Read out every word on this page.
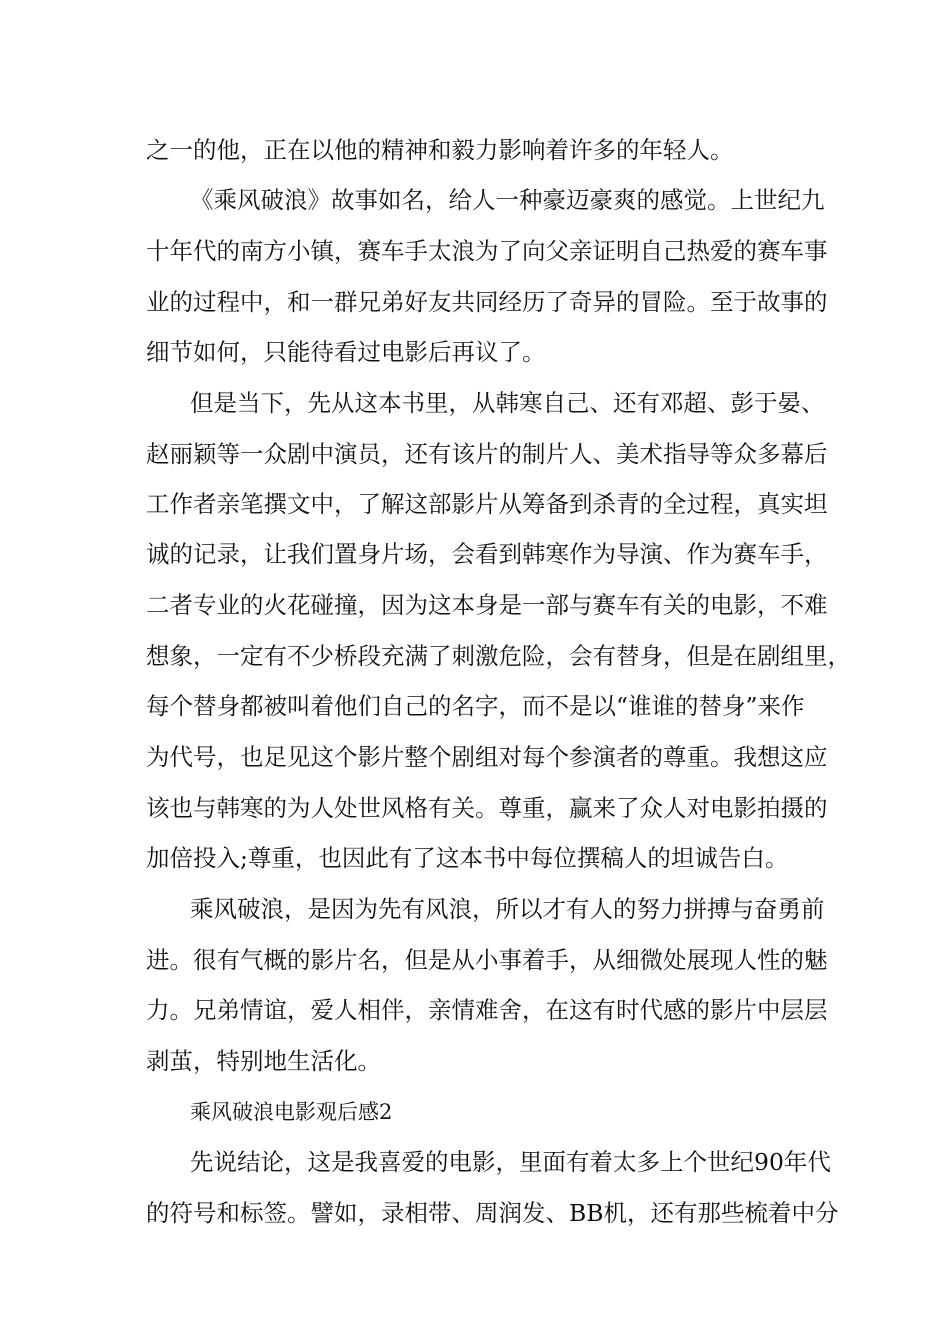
之一的他，正在以他的精神和毅力影响着许多的年轻人。
《乘风破浪》故事如名，给人一种豪迈豪爽的感觉。上世纪九
十年代的南方小镇，赛车手太浪为了向父亲证明自己热爱的赛车事
业的过程中，和一群兄弟好友共同经历了奇异的冒险。至于故事的
细节如何，只能待看过电影后再议了。
但是当下，先从这本书里，从韩寒自己、还有邓超、彭于晏、
赵丽颖等一众剧中演员，还有该片的制片人、美术指导等众多幕后
工作者亲笔撰文中，了解这部影片从筹备到杀青的全过程，真实坦
诚的记录，让我们置身片场，会看到韩寒作为导演、作为赛车手，
二者专业的火花碰撞，因为这本身是一部与赛车有关的电影，不难
想象，一定有不少桥段充满了刺激危险，会有替身，但是在剧组里，
每个替身都被叫着他们自己的名字，而不是以“谁谁的替身”来作
为代号，也足见这个影片整个剧组对每个参演者的尊重。我想这应
该也与韩寒的为人处世风格有关。尊重，赢来了众人对电影拍摄的
加倍投入;尊重，也因此有了这本书中每位撰稿人的坦诚告白。
乘风破浪，是因为先有风浪，所以才有人的努力拼搏与奋勇前
进。很有气概的影片名，但是从小事着手，从细微处展现人性的魅
力。兄弟情谊，爱人相伴，亲情难舍，在这有时代感的影片中层层
剥茧，特别地生活化。
乘风破浪电影观后感2
先说结论，这是我喜爱的电影，里面有着太多上个世纪90年代
的符号和标签。譬如，录相带、周润发、BB机，还有那些梳着中分
